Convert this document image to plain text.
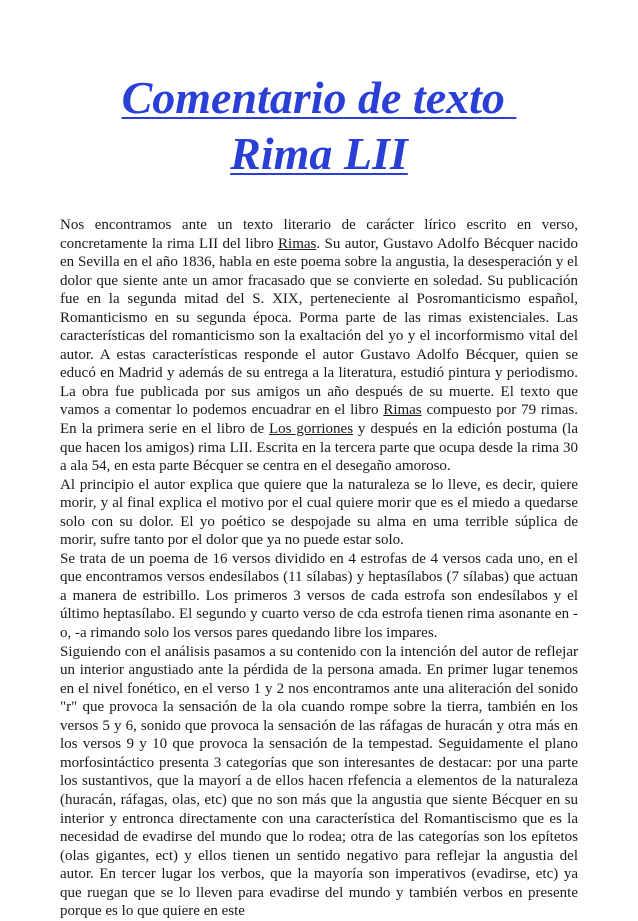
Comentario de texto
Rima LII

Nos encontramos ante un texto literario de carácter lírico escrito en verso, concretamente la rima LII del libro Rimas. Su autor, Gustavo Adolfo Bécquer nacido en Sevilla en el año 1836, habla en este poema sobre la angustia, la desesperación y el dolor que siente ante un amor fracasado que se convierte en soledad. Su publicación fue en la segunda mitad del S. XIX, perteneciente al Posromanticismo español, Romanticismo en su segunda época. Porma parte de las rimas existenciales. Las características del romanticismo son la exaltación del yo y el incorformismo vital del autor. A estas características responde el autor Gustavo Adolfo Bécquer, quien se educó en Madrid y además de su entrega a la literatura, estudió pintura y periodismo. La obra fue publicada por sus amigos un año después de su muerte. El texto que vamos a comentar lo podemos encuadrar en el libro Rimas compuesto por 79 rimas. En la primera serie en el libro de Los gorriones y después en la edición postuma (la que hacen los amigos) rima LII. Escrita en la tercera parte que ocupa desde la rima 30 a ala 54, en esta parte Bécquer se centra en el desegaño amoroso.

Al principio el autor explica que quiere que la naturaleza se lo lleve, es decir, quiere morir, y al final explica el motivo por el cual quiere morir que es el miedo a quedarse solo con su dolor. El yo poético se despojade su alma en uma terrible súplica de morir, sufre tanto por el dolor que ya no puede estar solo.

Se trata de un poema de 16 versos dividido en 4 estrofas de 4 versos cada uno, en el que encontramos versos endesílabos (11 sílabas) y heptasílabos (7 sílabas) que actuan a manera de estribillo. Los primeros 3 versos de cada estrofa son endesílabos y el último heptasílabo. El segundo y cuarto verso de cda estrofa tienen rima asonante en -o, -a rimando solo los versos pares quedando libre los impares.

Siguiendo con el análisis pasamos a su contenido con la intención del autor de reflejar un interior angustiado ante la pérdida de la persona amada. En primer lugar tenemos en el nivel fonético, en el verso 1 y 2 nos encontramos ante una aliteración del sonido "r" que provoca la sensación de la ola cuando rompe sobre la tierra, también en los versos 5 y 6, sonido que provoca la sensación de las ráfagas de huracán y otra más en los versos 9 y 10 que provoca la sensación de la tempestad. Seguidamente el plano morfosintáctico presenta 3 categorías que son interesantes de destacar: por una parte los sustantivos, que la mayorí a de ellos hacen rfefencia a elementos de la naturaleza (huracán, ráfagas, olas, etc) que no son más que la angustia que siente Bécquer en su interior y entronca directamente con una característica del Romantiscismo que es la necesidad de evadirse del mundo que lo rodea; otra de las categorías son los epítetos (olas gigantes, ect) y ellos tienen un sentido negativo para reflejar la angustia del autor. En tercer lugar los verbos, que la mayoría son imperativos (evadirse, etc) ya que ruegan que se lo lleven para evadirse del mundo y también verbos en presente porque es lo que quiere en este
